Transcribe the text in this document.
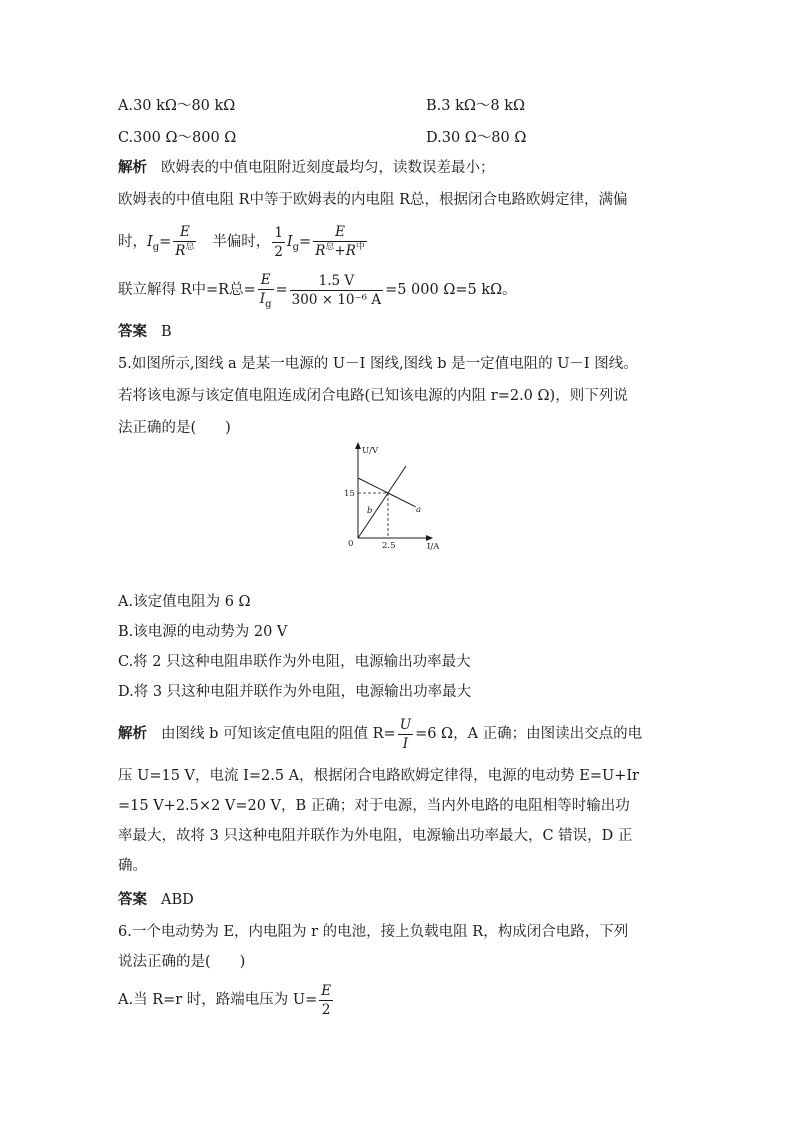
A.30 kΩ～80 kΩ	B.3 kΩ～8 kΩ
C.300 Ω～800 Ω	D.30 Ω～80 Ω
解析 欧姆表的中值电阻附近刻度最均匀，读数误差最小；
欧姆表的中值电阻 R中等于欧姆表的内电阻 R总，根据闭合电路欧姆定律，满偏
时，$I_g= \frac{E}{R^总}$ 半偏时， $\frac{1}{2} I_g= \frac{E}{R^总+R^中}$
联立解得 R中=R总= $\frac{E}{I_g} = \frac{1.5 V}{\text{300 × 10⁻⁶ A}} =5$ 000 Ω=5 kΩ。
答案 B
5.如图所示,图线 a 是某一电源的 U－I 图线,图线 b 是一定值电阻的 U－I 图线。
若将该电源与该定值电阻连成闭合电路(已知该电源的内阻 r=2.0 Ω)，则下列说
法正确的是(　　)
U/V
I/A
0
15
2.5
a
b
A.该定值电阻为 6 Ω
B.该电源的电动势为 20 V
C.将 2 只这种电阻串联作为外电阻，电源输出功率最大
D.将 3 只这种电阻并联作为外电阻，电源输出功率最大
解析 由图线 b 可知该定值电阻的阻值 $R= \frac{U}{I} =6$ Ω，A 正确；由图读出交点的电
压 U=15 V，电流 I=2.5 A，根据闭合电路欧姆定律得，电源的电动势 E=U+Ir
=15 V+2.5×2 V=20 V，B 正确；对于电源，当内外电路的电阻相等时输出功
率最大，故将 3 只这种电阻并联作为外电阻，电源输出功率最大，C 错误，D 正
确。
答案 ABD
6.一个电动势为 E，内电阻为 r 的电池，接上负载电阻 R，构成闭合电路，下列
说法正确的是(　　)
A.当 R=r 时，路端电压为 $U= \frac{E}{2}$
